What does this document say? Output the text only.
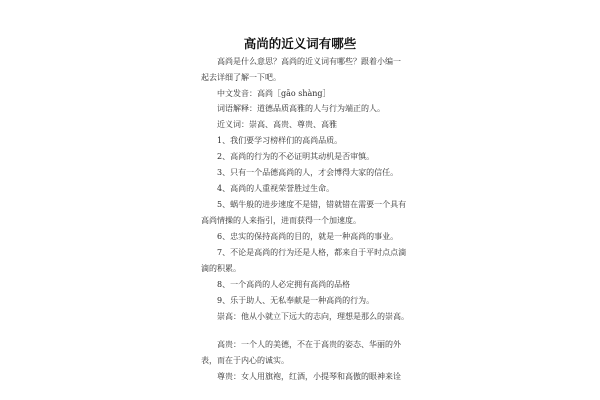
高尚的近义词有哪些
高尚是什么意思？高尚的近义词有哪些？跟着小编一
起去详细了解一下吧。
中文发音：高尚［gāo shàng］
词语解释：道德品质高雅的人与行为端正的人。
近义词：崇高、高贵、尊贵、高雅
1、我们要学习榜样们的高尚品质。
2、高尚的行为的不必证明其动机是否审慎。
3、只有一个品德高尚的人，才会博得大家的信任。
4、高尚的人重视荣誉胜过生命。
5、蜗牛般的进步速度不是错，错就错在需要一个具有
高尚情操的人来指引，进而获得一个加速度。
6、忠实的保持高尚的目的，就是一种高尚的事业。
7、不论是高尚的行为还是人格，都来自于平时点点滴
滴的积累。
8、一个高尚的人必定拥有高尚的品格
9、乐于助人、无私奉献是一种高尚的行为。
崇高：他从小就立下远大的志向，理想是那么的崇高。
高贵：一个人的美德，不在于高贵的姿态、华丽的外
表，而在于内心的诚实。
尊贵：女人用旗袍，红酒，小提琴和高傲的眼神来诠
